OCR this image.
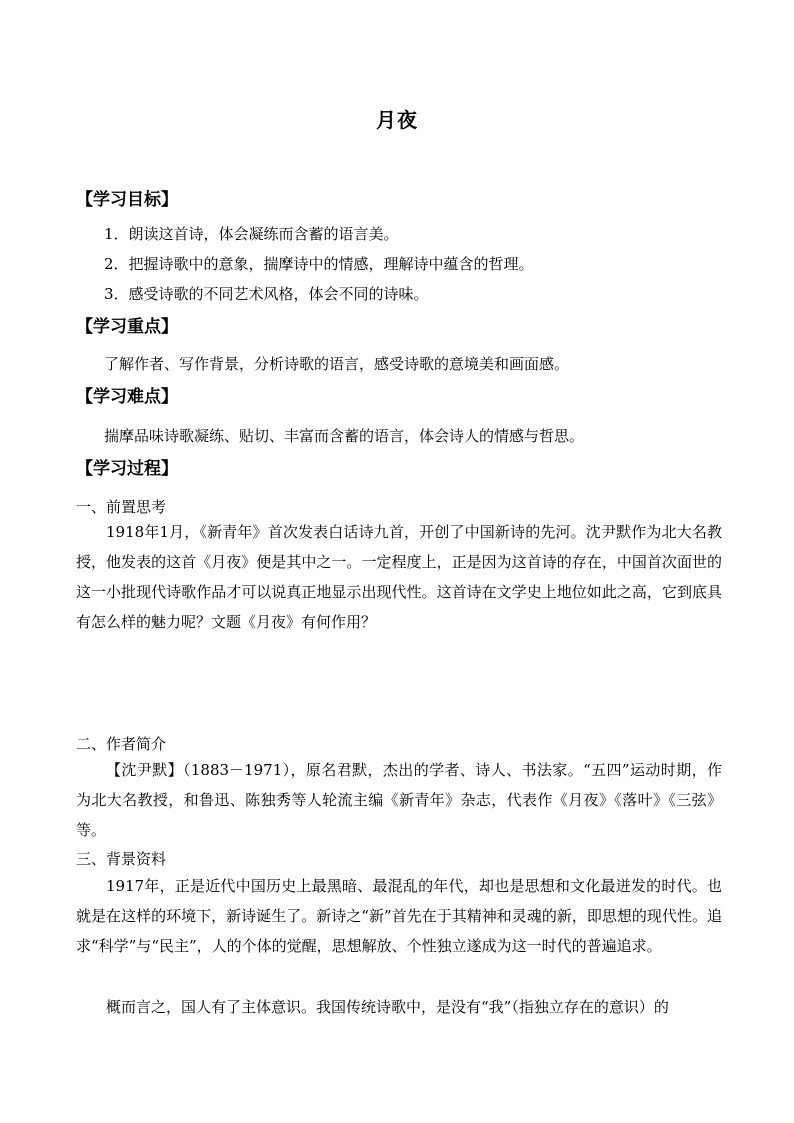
月夜
【学习目标】
1．朗读这首诗，体会凝练而含蓄的语言美。
2．把握诗歌中的意象，揣摩诗中的情感，理解诗中蕴含的哲理。
3．感受诗歌的不同艺术风格，体会不同的诗味。
【学习重点】
了解作者、写作背景，分析诗歌的语言，感受诗歌的意境美和画面感。
【学习难点】
揣摩品味诗歌凝练、贴切、丰富而含蓄的语言，体会诗人的情感与哲思。
【学习过程】
一、前置思考
1918年1月，《新青年》首次发表白话诗九首，开创了中国新诗的先河。沈尹默作为北大名教授，他发表的这首《月夜》便是其中之一。一定程度上，正是因为这首诗的存在，中国首次面世的这一小批现代诗歌作品才可以说真正地显示出现代性。这首诗在文学史上地位如此之高，它到底具有怎么样的魅力呢？文题《月夜》有何作用？
二、作者简介
【沈尹默】（1883－1971），原名君默，杰出的学者、诗人、书法家。“五四”运动时期，作为北大名教授，和鲁迅、陈独秀等人轮流主编《新青年》杂志，代表作《月夜》《落叶》《三弦》等。
三、背景资料
1917年，正是近代中国历史上最黑暗、最混乱的年代，却也是思想和文化最迸发的时代。也就是在这样的环境下，新诗诞生了。新诗之“新”首先在于其精神和灵魂的新，即思想的现代性。追求“科学”与“民主”，人的个体的觉醒，思想解放、个性独立遂成为这一时代的普遍追求。
概而言之，国人有了主体意识。我国传统诗歌中，是没有“我”（指独立存在的意识）的
